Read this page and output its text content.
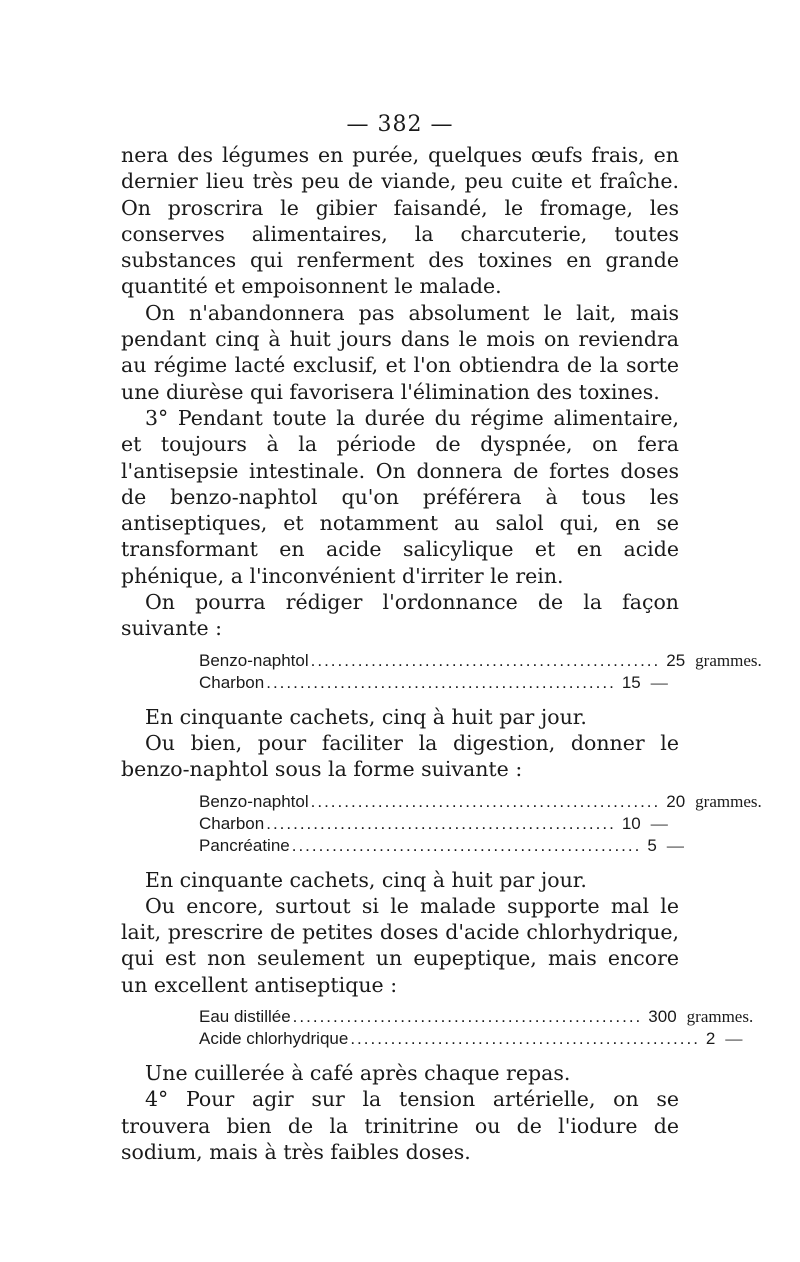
— 382 —

nera des légumes en purée, quelques œufs frais, en dernier lieu très peu de viande, peu cuite et fraîche. On proscrira le gibier faisandé, le fromage, les conserves alimentaires, la charcuterie, toutes substances qui renferment des toxines en grande quantité et empoisonnent le malade.

On n'abandonnera pas absolument le lait, mais pendant cinq à huit jours dans le mois on reviendra au régime lacté exclusif, et l'on obtiendra de la sorte une diurèse qui favorisera l'élimination des toxines.

3° Pendant toute la durée du régime alimentaire, et toujours à la période de dyspnée, on fera l'antisepsie intestinale. On donnera de fortes doses de benzo-naphtol qu'on préférera à tous les antiseptiques, et notamment au salol qui, en se transformant en acide salicylique et en acide phénique, a l'inconvénient d'irriter le rein.

On pourra rédiger l'ordonnance de la façon suivante :

Benzo-naphtol .................................................... 25 grammes.
Charbon .................................................... 15 —

En cinquante cachets, cinq à huit par jour.

Ou bien, pour faciliter la digestion, donner le benzo-naphtol sous la forme suivante :

Benzo-naphtol .................................................... 20 grammes.
Charbon .................................................... 10 —
Pancréatine .................................................... 5 —

En cinquante cachets, cinq à huit par jour.

Ou encore, surtout si le malade supporte mal le lait, prescrire de petites doses d'acide chlorhydrique, qui est non seulement un eupeptique, mais encore un excellent antiseptique :

Eau distillée .................................................... 300 grammes.
Acide chlorhydrique .................................................... 2 —

Une cuillerée à café après chaque repas.

4° Pour agir sur la tension artérielle, on se trouvera bien de la trinitrine ou de l'iodure de sodium, mais à très faibles doses.
